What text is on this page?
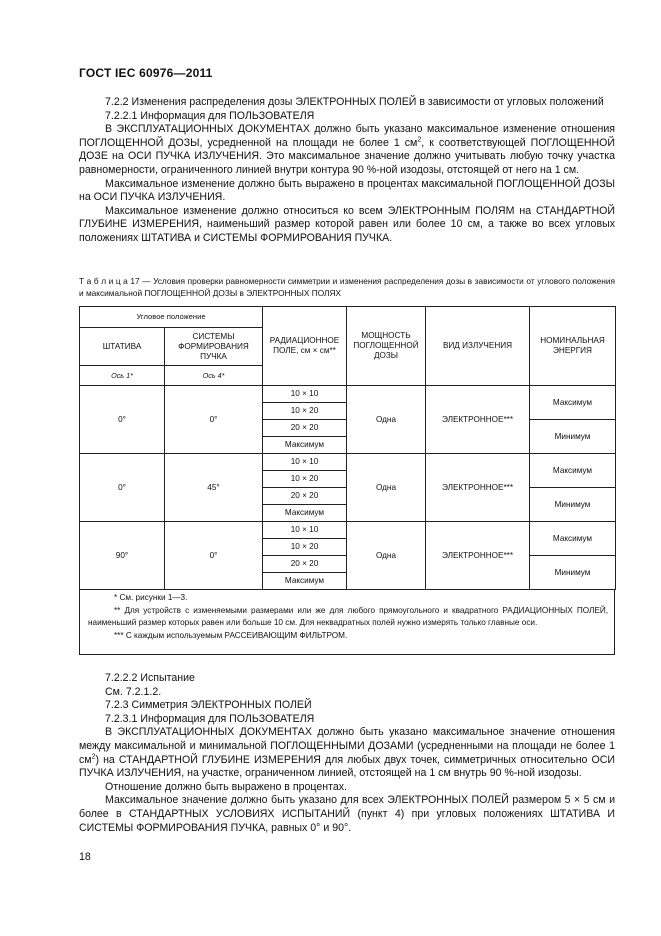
ГОСТ IEC 60976—2011

7.2.2 Изменения распределения дозы ЭЛЕКТРОННЫХ ПОЛЕЙ в зависимости от угловых положений

7.2.2.1 Информация для ПОЛЬЗОВАТЕЛЯ

В ЭКСПЛУАТАЦИОННЫХ ДОКУМЕНТАХ должно быть указано максимальное изменение отношения ПОГЛОЩЕННОЙ ДОЗЫ, усредненной на площади не более 1 $см^2$, к соответствующей ПОГЛОЩЕННОЙ ДОЗЕ на ОСИ ПУЧКА ИЗЛУЧЕНИЯ. Это максимальное значение должно учитывать любую точку участка равномерности, ограниченного линией внутри контура 90 %-ной изодозы, отстоящей от него на 1 см.

Максимальное изменение должно быть выражено в процентах максимальной ПОГЛОЩЕННОЙ ДОЗЫ на ОСИ ПУЧКА ИЗЛУЧЕНИЯ.

Максимальное изменение должно относиться ко всем ЭЛЕКТРОННЫМ ПОЛЯМ на СТАНДАРТНОЙ ГЛУБИНЕ ИЗМЕРЕНИЯ, наименьший размер которой равен или более 10 см, а также во всех угловых положениях ШТАТИВА и СИСТЕМЫ ФОРМИРОВАНИЯ ПУЧКА.

Т а б л и ц а 17 — Условия проверки равномерности симметрии и изменения распределения дозы в зависимости от углового положения и максимальной ПОГЛОЩЕННОЙ ДОЗЫ в ЭЛЕКТРОННЫХ ПОЛЯХ
Угловое положение		РАДИАЦИОННОЕ ПОЛЕ, см × см**	МОЩНОСТЬ ПОГЛОЩЕННОЙ ДОЗЫ	ВИД ИЗЛУЧЕНИЯ	НОМИНАЛЬНАЯ ЭНЕРГИЯ
ШТАТИВА	СИСТЕМЫ ФОРМИРОВАНИЯ ПУЧКА				
Ось 1*	Ось 4*				
0°	0°	10 × 10	Одна	ЭЛЕКТРОННОЕ***	Максимум
		10 × 20			
		20 × 20			Минимум
		Максимум			
0°	45°	10 × 10	Одна	ЭЛЕКТРОННОЕ***	Максимум
		10 × 20			
		20 × 20			Минимум
		Максимум			
90°	0°	10 × 10	Одна	ЭЛЕКТРОННОЕ***	Максимум
		10 × 20			
		20 × 20			Минимум
		Максимум			
* См. рисунки 1—3.
** Для устройств с изменяемыми размерами или же для любого прямоугольного и квадратного РАДИАЦИОННЫХ ПОЛЕЙ, наименьший размер которых равен или больше 10 см. Для неквадратных полей нужно измерять только главные оси.
*** С каждым используемым РАССЕИВАЮЩИМ ФИЛЬТРОМ.

7.2.2.2 Испытание

См. 7.2.1.2.

7.2.3 Симметрия ЭЛЕКТРОННЫХ ПОЛЕЙ

7.2.3.1 Информация для ПОЛЬЗОВАТЕЛЯ

В ЭКСПЛУАТАЦИОННЫХ ДОКУМЕНТАХ должно быть указано максимальное значение отношения между максимальной и минимальной ПОГЛОЩЕННЫМИ ДОЗАМИ (усредненными на площади не более 1 $см^2$) на СТАНДАРТНОЙ ГЛУБИНЕ ИЗМЕРЕНИЯ для любых двух точек, симметричных относительно ОСИ ПУЧКА ИЗЛУЧЕНИЯ, на участке, ограниченном линией, отстоящей на 1 см внутрь 90 %-ной изодозы.

Отношение должно быть выражено в процентах.

Максимальное значение должно быть указано для всех ЭЛЕКТРОННЫХ ПОЛЕЙ размером 5 × 5 см и более в СТАНДАРТНЫХ УСЛОВИЯХ ИСПЫТАНИЙ (пункт 4) при угловых положениях ШТАТИВА И СИСТЕМЫ ФОРМИРОВАНИЯ ПУЧКА, равных 0° и 90°.

18
